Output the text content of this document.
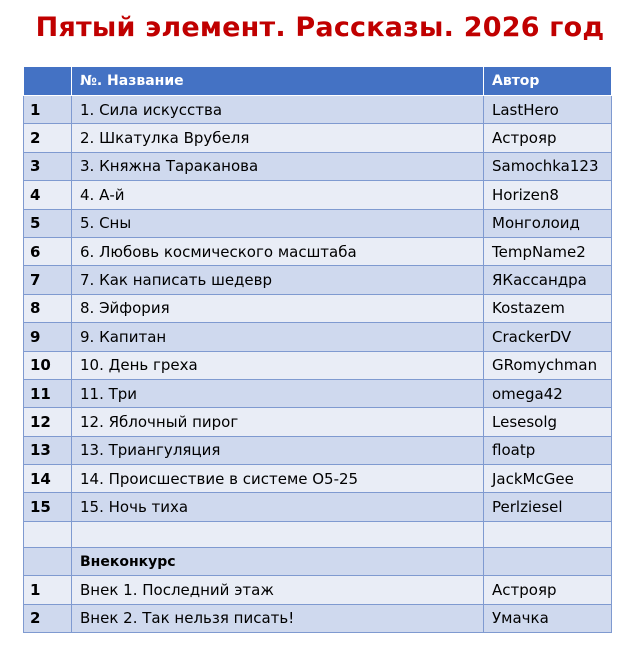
Пятый элемент. Рассказы. 2026 год
	№. Название	Автор
1	1. Сила искусства	LastHero
2	2. Шкатулка Врубеля	Астрояр
3	3. Княжна Тараканова	Samochka123
4	4. А-й	Horizen8
5	5. Сны	Монголоид
6	6. Любовь космического масштаба	TempName2
7	7. Как написать шедевр	ЯКассандра
8	8. Эйфория	Kostazem
9	9. Капитан	CrackerDV
10	10. День греха	GRomychman
11	11. Три	omega42
12	12. Яблочный пирог	Lesesolg
13	13. Триангуляция	floatp
14	14. Происшествие в системе О5-25	JackMcGee
15	15. Ночь тиха	Perlziesel

	Внеконкурс	
1	Внек 1. Последний этаж	Астрояр
2	Внек 2. Так нельзя писать!	Умачка
